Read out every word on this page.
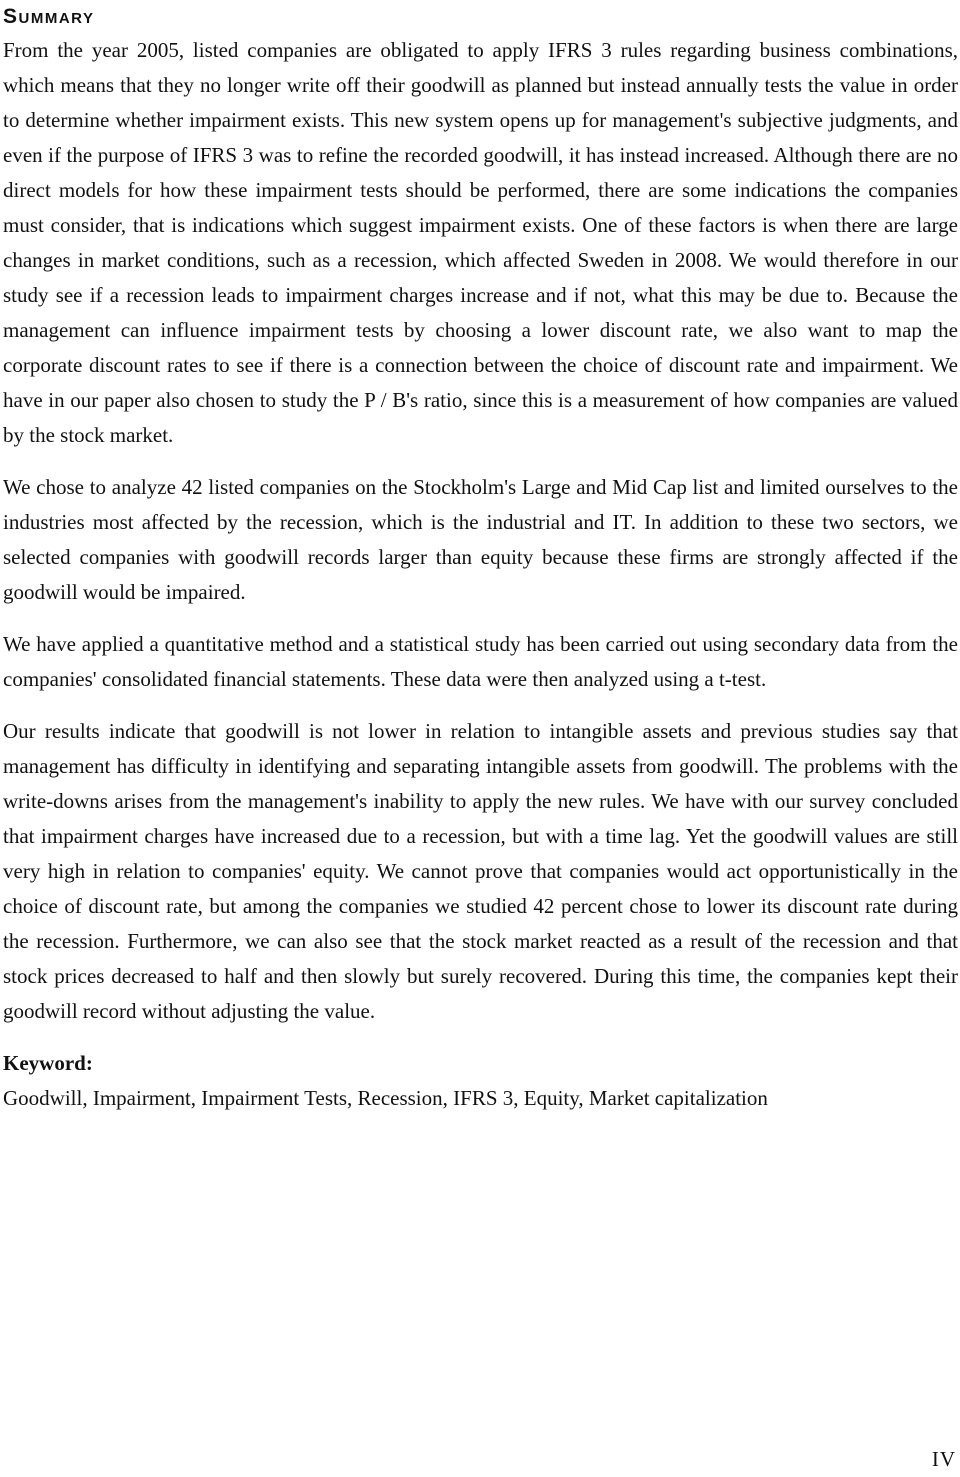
Summary

From the year 2005, listed companies are obligated to apply IFRS 3 rules regarding business combinations, which means that they no longer write off their goodwill as planned but instead annually tests the value in order to determine whether impairment exists. This new system opens up for management's subjective judgments, and even if the purpose of IFRS 3 was to refine the recorded goodwill, it has instead increased. Although there are no direct models for how these impairment tests should be performed, there are some indications the companies must consider, that is indications which suggest impairment exists. One of these factors is when there are large changes in market conditions, such as a recession, which affected Sweden in 2008. We would therefore in our study see if a recession leads to impairment charges increase and if not, what this may be due to. Because the management can influence impairment tests by choosing a lower discount rate, we also want to map the corporate discount rates to see if there is a connection between the choice of discount rate and impairment. We have in our paper also chosen to study the P / B's ratio, since this is a measurement of how companies are valued by the stock market.

We chose to analyze 42 listed companies on the Stockholm's Large and Mid Cap list and limited ourselves to the industries most affected by the recession, which is the industrial and IT. In addition to these two sectors, we selected companies with goodwill records larger than equity because these firms are strongly affected if the goodwill would be impaired.

We have applied a quantitative method and a statistical study has been carried out using secondary data from the companies' consolidated financial statements. These data were then analyzed using a t-test.

Our results indicate that goodwill is not lower in relation to intangible assets and previous studies say that management has difficulty in identifying and separating intangible assets from goodwill. The problems with the write-downs arises from the management's inability to apply the new rules. We have with our survey concluded that impairment charges have increased due to a recession, but with a time lag. Yet the goodwill values are still very high in relation to companies' equity. We cannot prove that companies would act opportunistically in the choice of discount rate, but among the companies we studied 42 percent chose to lower its discount rate during the recession. Furthermore, we can also see that the stock market reacted as a result of the recession and that stock prices decreased to half and then slowly but surely recovered. During this time, the companies kept their goodwill record without adjusting the value.

Keyword:

Goodwill, Impairment, Impairment Tests, Recession, IFRS 3, Equity, Market capitalization

IV
